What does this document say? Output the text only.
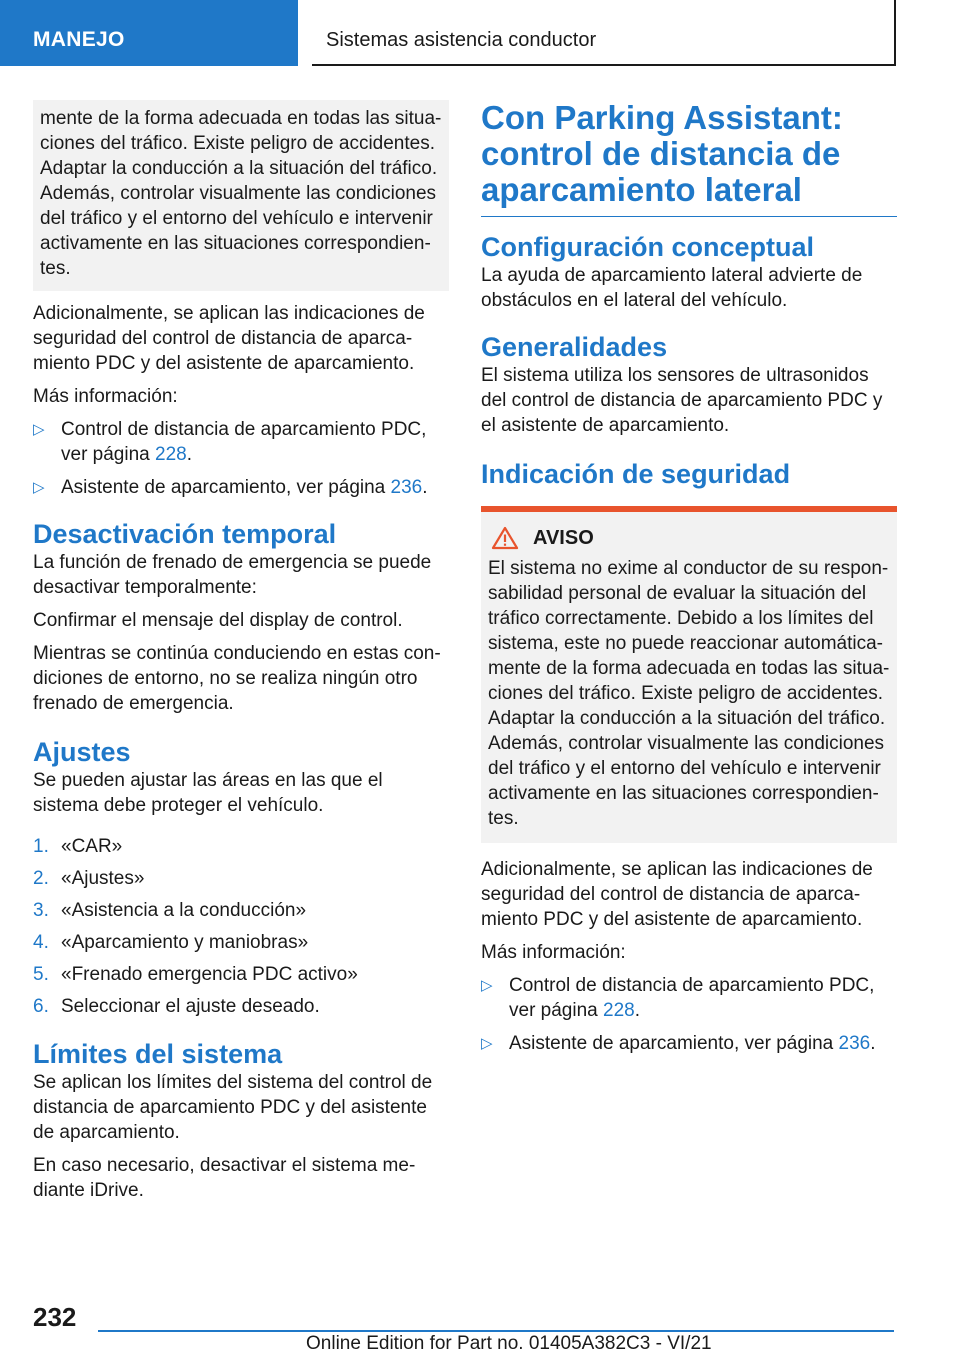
MANEJO	Sistemas asistencia conductor

mente de la forma adecuada en todas las situa- ciones del tráfico. Existe peligro de accidentes. Adaptar la conducción a la situación del tráfico. Además, controlar visualmente las condiciones del tráfico y el entorno del vehículo e intervenir activamente en las situaciones correspondien- tes.

Adicionalmente, se aplican las indicaciones de seguridad del control de distancia de aparca- miento PDC y del asistente de aparcamiento.

Más información:

▷ Control de distancia de aparcamiento PDC, ver página 228.
▷ Asistente de aparcamiento, ver página 236.
Desactivación temporal

La función de frenado de emergencia se puede desactivar temporalmente:

Confirmar el mensaje del display de control.

Mientras se continúa conduciendo en estas con- diciones de entorno, no se realiza ningún otro frenado de emergencia.

Ajustes

Se pueden ajustar las áreas en las que el sistema debe proteger el vehículo.

1. «CAR»
2. «Ajustes»
3. «Asistencia a la conducción»
4. «Aparcamiento y maniobras»
5. «Frenado emergencia PDC activo»
6. Seleccionar el ajuste deseado.
Límites del sistema

Se aplican los límites del sistema del control de distancia de aparcamiento PDC y del asistente de aparcamiento.

En caso necesario, desactivar el sistema me- diante iDrive.

Con Parking Assistant: control de distancia de aparcamiento lateral
Configuración conceptual

La ayuda de aparcamiento lateral advierte de obstáculos en el lateral del vehículo.

Generalidades

El sistema utiliza los sensores de ultrasonidos del control de distancia de aparcamiento PDC y el asistente de aparcamiento.

Indicación de seguridad
AVISO

El sistema no exime al conductor de su respon- sabilidad personal de evaluar la situación del tráfico correctamente. Debido a los límites del sistema, este no puede reaccionar automática- mente de la forma adecuada en todas las situa- ciones del tráfico. Existe peligro de accidentes. Adaptar la conducción a la situación del tráfico. Además, controlar visualmente las condiciones del tráfico y el entorno del vehículo e intervenir activamente en las situaciones correspondien- tes.

Adicionalmente, se aplican las indicaciones de seguridad del control de distancia de aparca- miento PDC y del asistente de aparcamiento.

Más información:

▷ Control de distancia de aparcamiento PDC, ver página 228.
▷ Asistente de aparcamiento, ver página 236.
232
Online Edition for Part no. 01405A382C3 - VI/21
